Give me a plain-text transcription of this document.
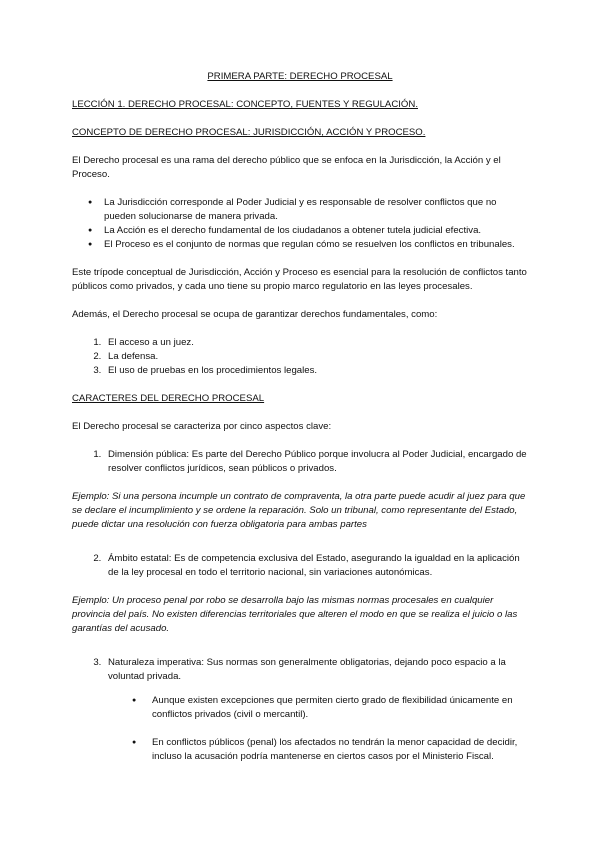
PRIMERA PARTE: DERECHO PROCESAL
LECCIÓN 1. DERECHO PROCESAL: CONCEPTO, FUENTES Y REGULACIÓN.
CONCEPTO DE DERECHO PROCESAL: JURISDICCIÓN, ACCIÓN Y PROCESO.

El Derecho procesal es una rama del derecho público que se enfoca en la Jurisdicción, la Acción y el Proceso.

● La Jurisdicción corresponde al Poder Judicial y es responsable de resolver conflictos que no pueden solucionarse de manera privada.
● La Acción es el derecho fundamental de los ciudadanos a obtener tutela judicial efectiva.
● El Proceso es el conjunto de normas que regulan cómo se resuelven los conflictos en tribunales.

Este trípode conceptual de Jurisdicción, Acción y Proceso es esencial para la resolución de conflictos tanto públicos como privados, y cada uno tiene su propio marco regulatorio en las leyes procesales.

Además, el Derecho procesal se ocupa de garantizar derechos fundamentales, como:

1. El acceso a un juez.
2. La defensa.
3. El uso de pruebas en los procedimientos legales.
CARACTERES DEL DERECHO PROCESAL

El Derecho procesal se caracteriza por cinco aspectos clave:

1. Dimensión pública: Es parte del Derecho Público porque involucra al Poder Judicial, encargado de resolver conflictos jurídicos, sean públicos o privados.

Ejemplo: Si una persona incumple un contrato de compraventa, la otra parte puede acudir al juez para que se declare el incumplimiento y se ordene la reparación. Solo un tribunal, como representante del Estado, puede dictar una resolución con fuerza obligatoria para ambas partes

2. Ámbito estatal: Es de competencia exclusiva del Estado, asegurando la igualdad en la aplicación de la ley procesal en todo el territorio nacional, sin variaciones autonómicas.

Ejemplo: Un proceso penal por robo se desarrolla bajo las mismas normas procesales en cualquier provincia del país. No existen diferencias territoriales que alteren el modo en que se realiza el juicio o las garantías del acusado.

3. Naturaleza imperativa: Sus normas son generalmente obligatorias, dejando poco espacio a la voluntad privada.
● Aunque existen excepciones que permiten cierto grado de flexibilidad únicamente en conflictos privados (civil o mercantil).
● En conflictos públicos (penal) los afectados no tendrán la menor capacidad de decidir, incluso la acusación podría mantenerse en ciertos casos por el Ministerio Fiscal.
